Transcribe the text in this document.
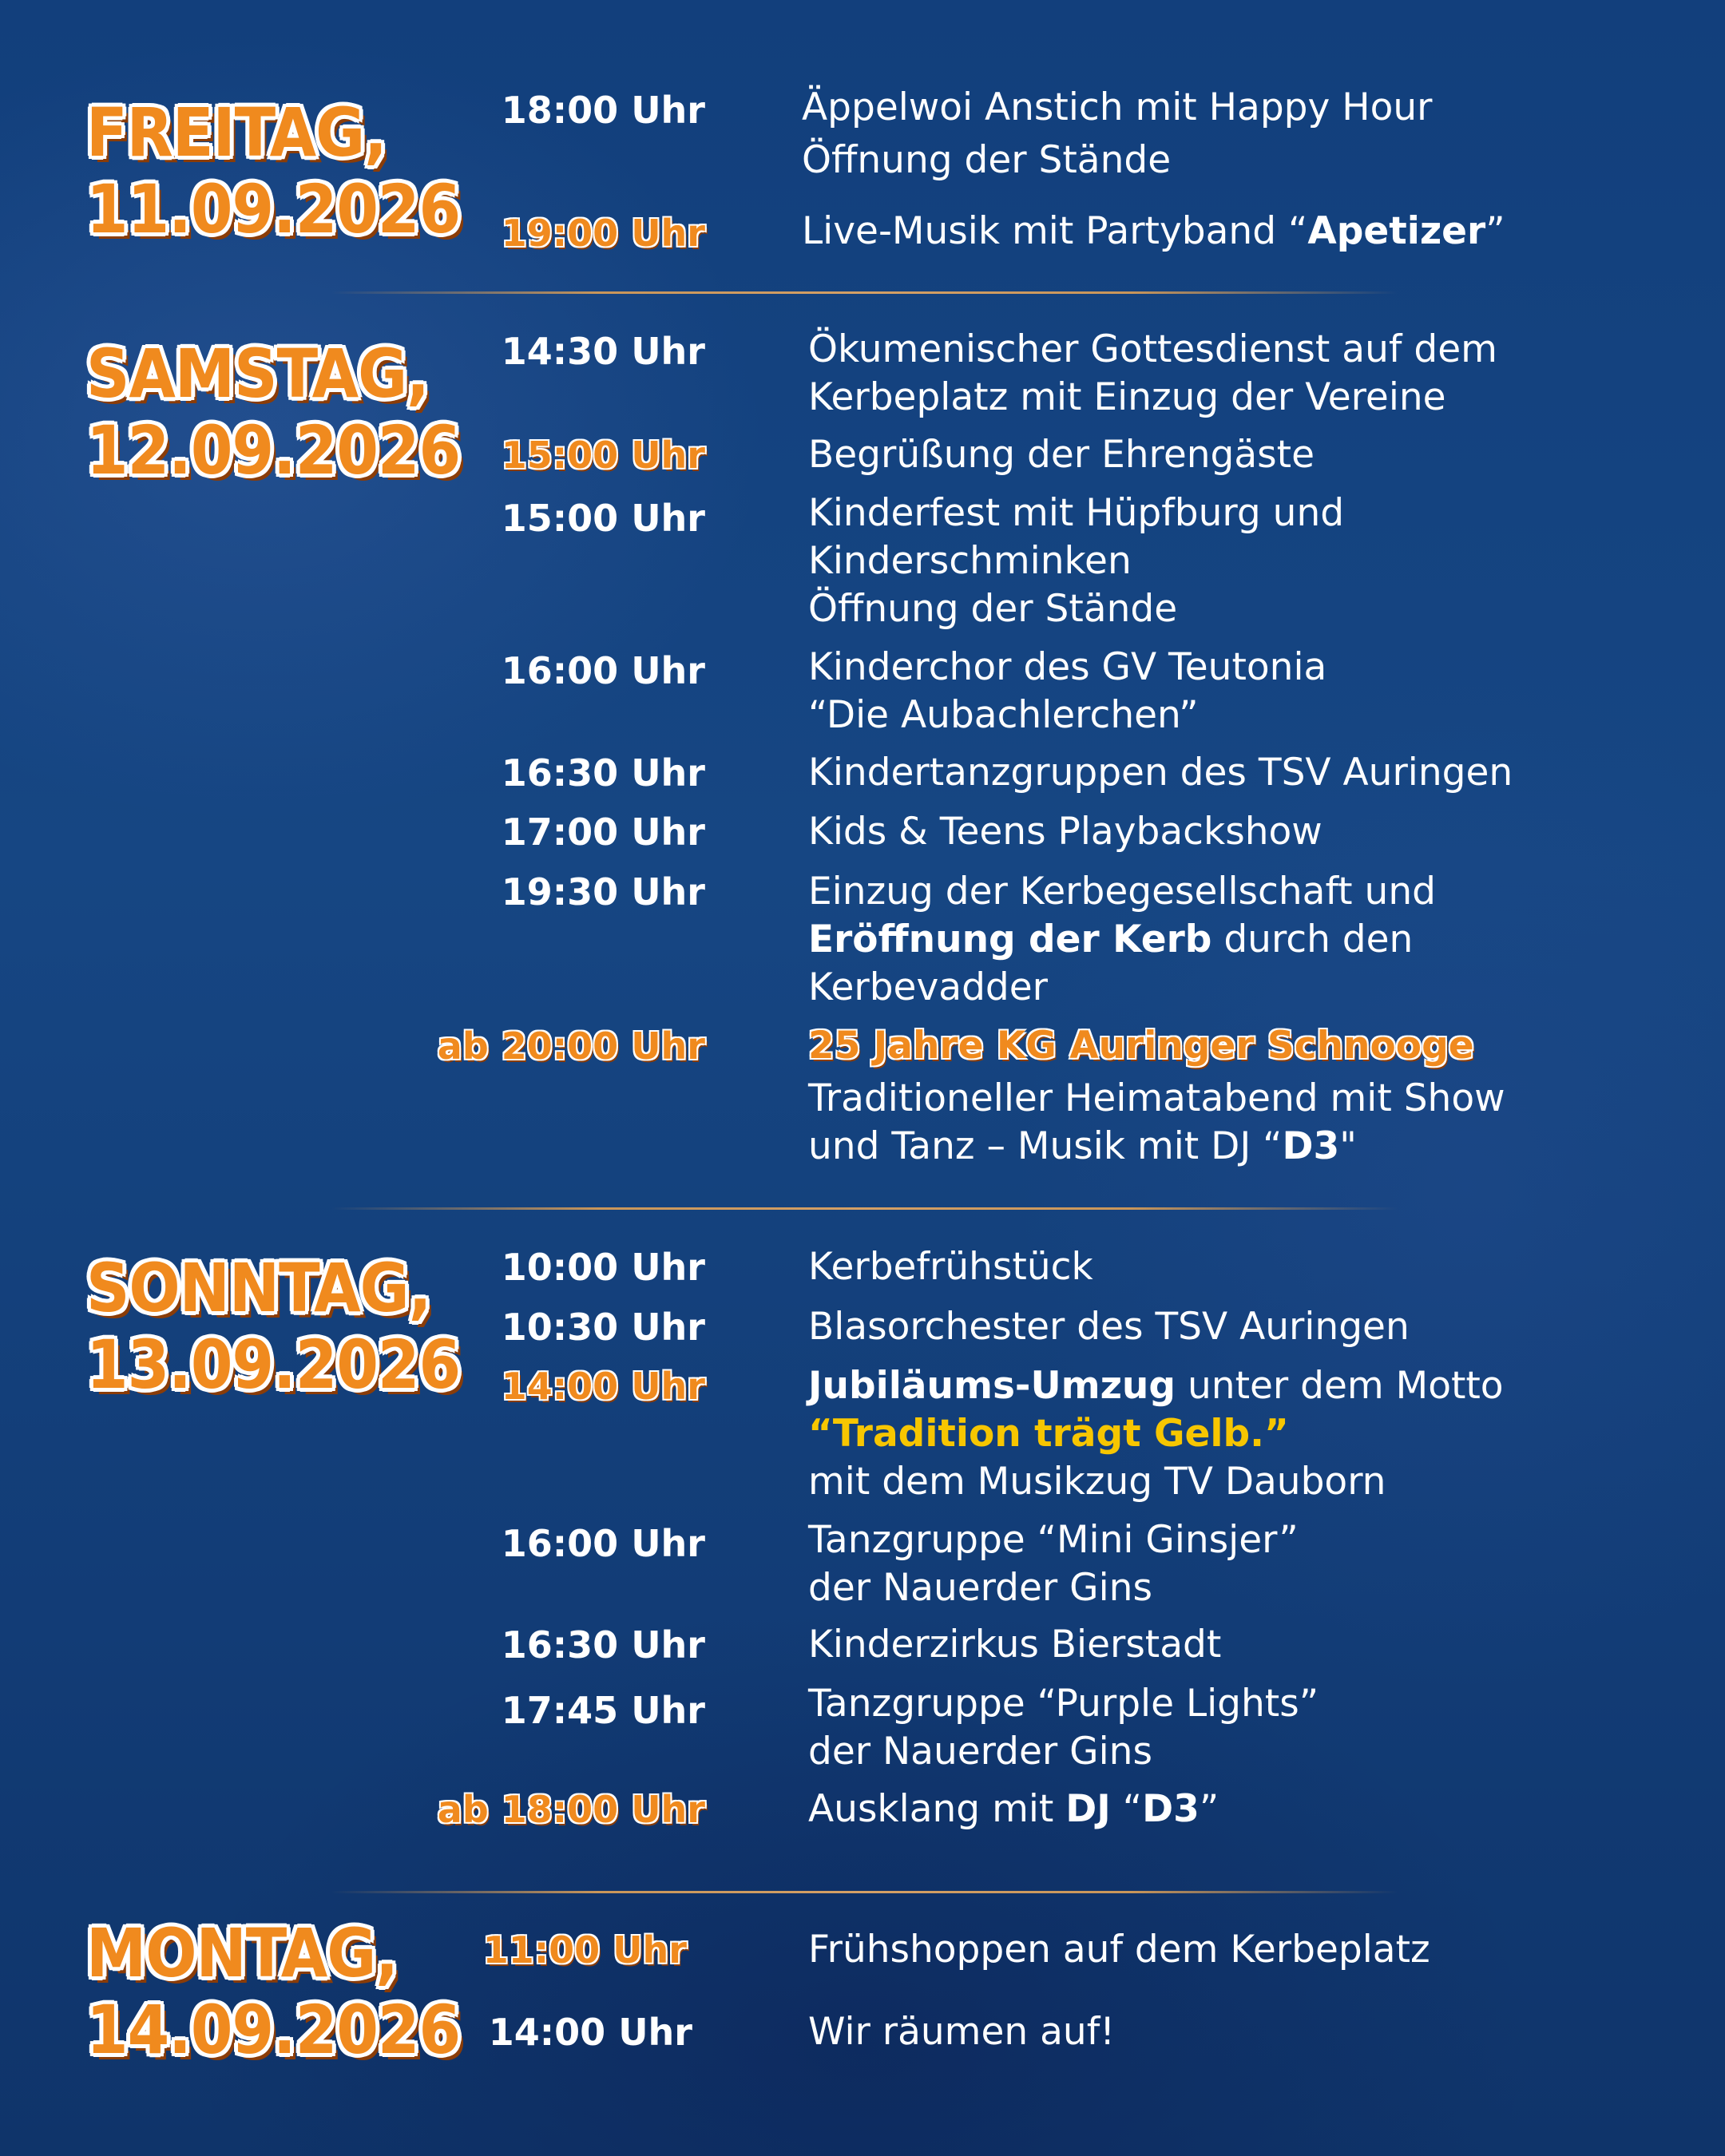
FREITAG,
11.09.2026
18:00 Uhr	Äppelwoi Anstich mit Happy Hour
Öffnung der Stände
19:00 Uhr	Live-Musik mit Partyband “Apetizer”
SAMSTAG,
12.09.2026
14:30 Uhr	Ökumenischer Gottesdienst auf dem
Kerbeplatz mit Einzug der Vereine
15:00 Uhr	Begrüßung der Ehrengäste
15:00 Uhr	Kinderfest mit Hüpfburg und
Kinderschminken
Öffnung der Stände
16:00 Uhr	Kinderchor des GV Teutonia
“Die Aubachlerchen”
16:30 Uhr	Kindertanzgruppen des TSV Auringen
17:00 Uhr	Kids & Teens Playbackshow
19:30 Uhr	Einzug der Kerbegesellschaft und
Eröffnung der Kerb durch den
Kerbevadder
ab 20:00 Uhr	25 Jahre KG Auringer Schnooge
Traditioneller Heimatabend mit Show
und Tanz – Musik mit DJ “D3"
SONNTAG,
13.09.2026
10:00 Uhr	Kerbefrühstück
10:30 Uhr	Blasorchester des TSV Auringen
14:00 Uhr	Jubiläums-Umzug unter dem Motto
“Tradition trägt Gelb.”
mit dem Musikzug TV Dauborn
16:00 Uhr	Tanzgruppe “Mini Ginsjer”
der Nauerder Gins
16:30 Uhr	Kinderzirkus Bierstadt
17:45 Uhr	Tanzgruppe “Purple Lights”
der Nauerder Gins
ab 18:00 Uhr	Ausklang mit DJ “D3”
MONTAG,
14.09.2026
11:00 Uhr	Frühshoppen auf dem Kerbeplatz
14:00 Uhr	Wir räumen auf!
